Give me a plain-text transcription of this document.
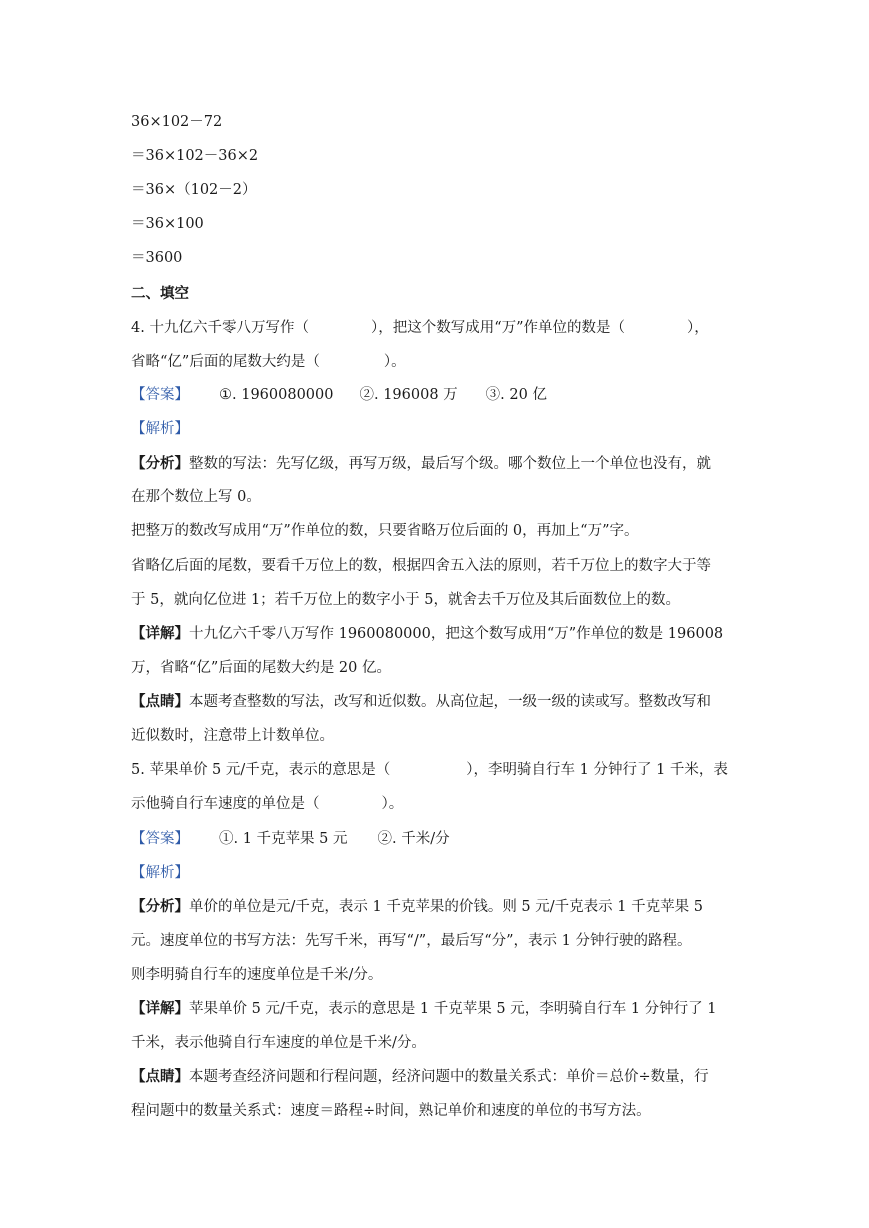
36×102－72
＝36×102－36×2
＝36×（102－2）
＝36×100
＝3600
二、填空
4. 十九亿六千零八万写作（	），把这个数写成用“万”作单位的数是（	），
省略“亿”后面的尾数大约是（	）。
【答案】 ①. 1960080000 ②. 196008 万 ③. 20 亿
【解析】
【分析】整数的写法：先写亿级，再写万级，最后写个级。哪个数位上一个单位也没有，就
在那个数位上写 0。
把整万的数改写成用“万”作单位的数，只要省略万位后面的 0，再加上“万”字。
省略亿后面的尾数，要看千万位上的数，根据四舍五入法的原则，若千万位上的数字大于等
于 5，就向亿位进 1；若千万位上的数字小于 5，就舍去千万位及其后面数位上的数。
【详解】十九亿六千零八万写作 1960080000，把这个数写成用“万”作单位的数是 196008
万，省略“亿”后面的尾数大约是 20 亿。
【点睛】本题考查整数的写法，改写和近似数。从高位起，一级一级的读或写。整数改写和
近似数时，注意带上计数单位。
5. 苹果单价 5 元/千克，表示的意思是（	），李明骑自行车 1 分钟行了 1 千米，表
示他骑自行车速度的单位是（	）。
【答案】 ①. 1 千克苹果 5 元 ②. 千米/分
【解析】
【分析】单价的单位是元/千克，表示 1 千克苹果的价钱。则 5 元/千克表示 1 千克苹果 5
元。速度单位的书写方法：先写千米，再写“/”，最后写“分”，表示 1 分钟行驶的路程。
则李明骑自行车的速度单位是千米/分。
【详解】苹果单价 5 元/千克，表示的意思是 1 千克苹果 5 元，李明骑自行车 1 分钟行了 1
千米，表示他骑自行车速度的单位是千米/分。
【点睛】本题考查经济问题和行程问题，经济问题中的数量关系式：单价＝总价÷数量，行
程问题中的数量关系式：速度＝路程÷时间，熟记单价和速度的单位的书写方法。
